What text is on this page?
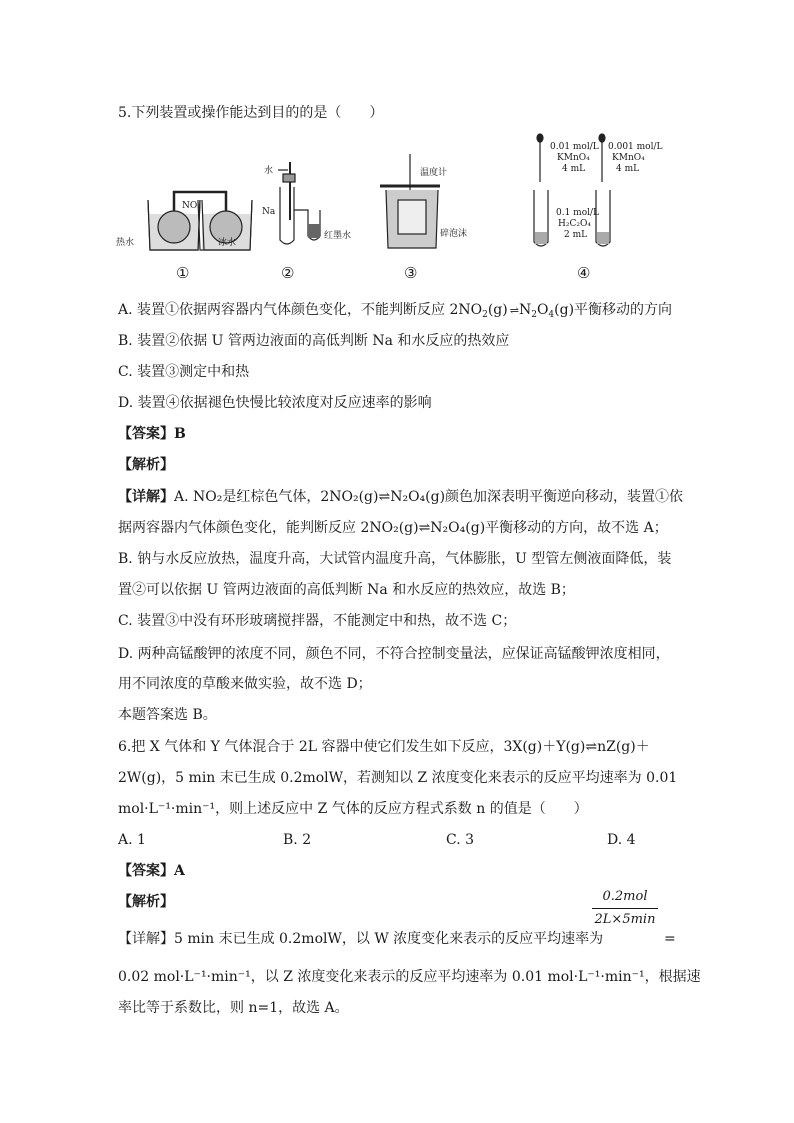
5.下列装置或操作能达到目的的是（　　）
NO₂
热水	冰水
水
Na
红墨水
温度计
碎泡沫
0.01 mol/L
KMnO₄
4 mL
0.001 mol/L
KMnO₄
4 mL
0.1 mol/L
H₂C₂O₄
2 mL
①	②	③	④
A. 装置①依据两容器内气体颜色变化，不能判断反应 $2NO_2(g)$ ⇌ $N_2O_4(g)$平衡移动的方向
B. 装置②依据 U 管两边液面的高低判断 Na 和水反应的热效应
C. 装置③测定中和热
D. 装置④依据褪色快慢比较浓度对反应速率的影响
【答案】B
【解析】
【详解】A. NO₂是红棕色气体，2NO₂(g)⇌N₂O₄(g)颜色加深表明平衡逆向移动，装置①依
据两容器内气体颜色变化，能判断反应 2NO₂(g)⇌N₂O₄(g)平衡移动的方向，故不选 A；
B. 钠与水反应放热，温度升高，大试管内温度升高，气体膨胀，U 型管左侧液面降低，装
置②可以依据 U 管两边液面的高低判断 Na 和水反应的热效应，故选 B；
C. 装置③中没有环形玻璃搅拌器，不能测定中和热，故不选 C；
D. 两种高锰酸钾的浓度不同，颜色不同，不符合控制变量法，应保证高锰酸钾浓度相同，
用不同浓度的草酸来做实验，故不选 D；
本题答案选 B。
6.把 X 气体和 Y 气体混合于 2L 容器中使它们发生如下反应，3X(g)＋Y(g)⇌nZ(g)＋
2W(g)，5 min 末已生成 0.2molW，若测知以 Z 浓度变化来表示的反应平均速率为 0.01
mol·L⁻¹·min⁻¹，则上述反应中 Z 气体的反应方程式系数 n 的值是（　　）
A. 1	B. 2	C. 3	D. 4
【答案】A
【解析】
【详解】5 min 末已生成 0.2molW，以 W 浓度变化来表示的反应平均速率为
0.2mol
2L×5min
=
0.02 mol·L⁻¹·min⁻¹，以 Z 浓度变化来表示的反应平均速率为 0.01 mol·L⁻¹·min⁻¹，根据速
率比等于系数比，则 n=1，故选 A。
